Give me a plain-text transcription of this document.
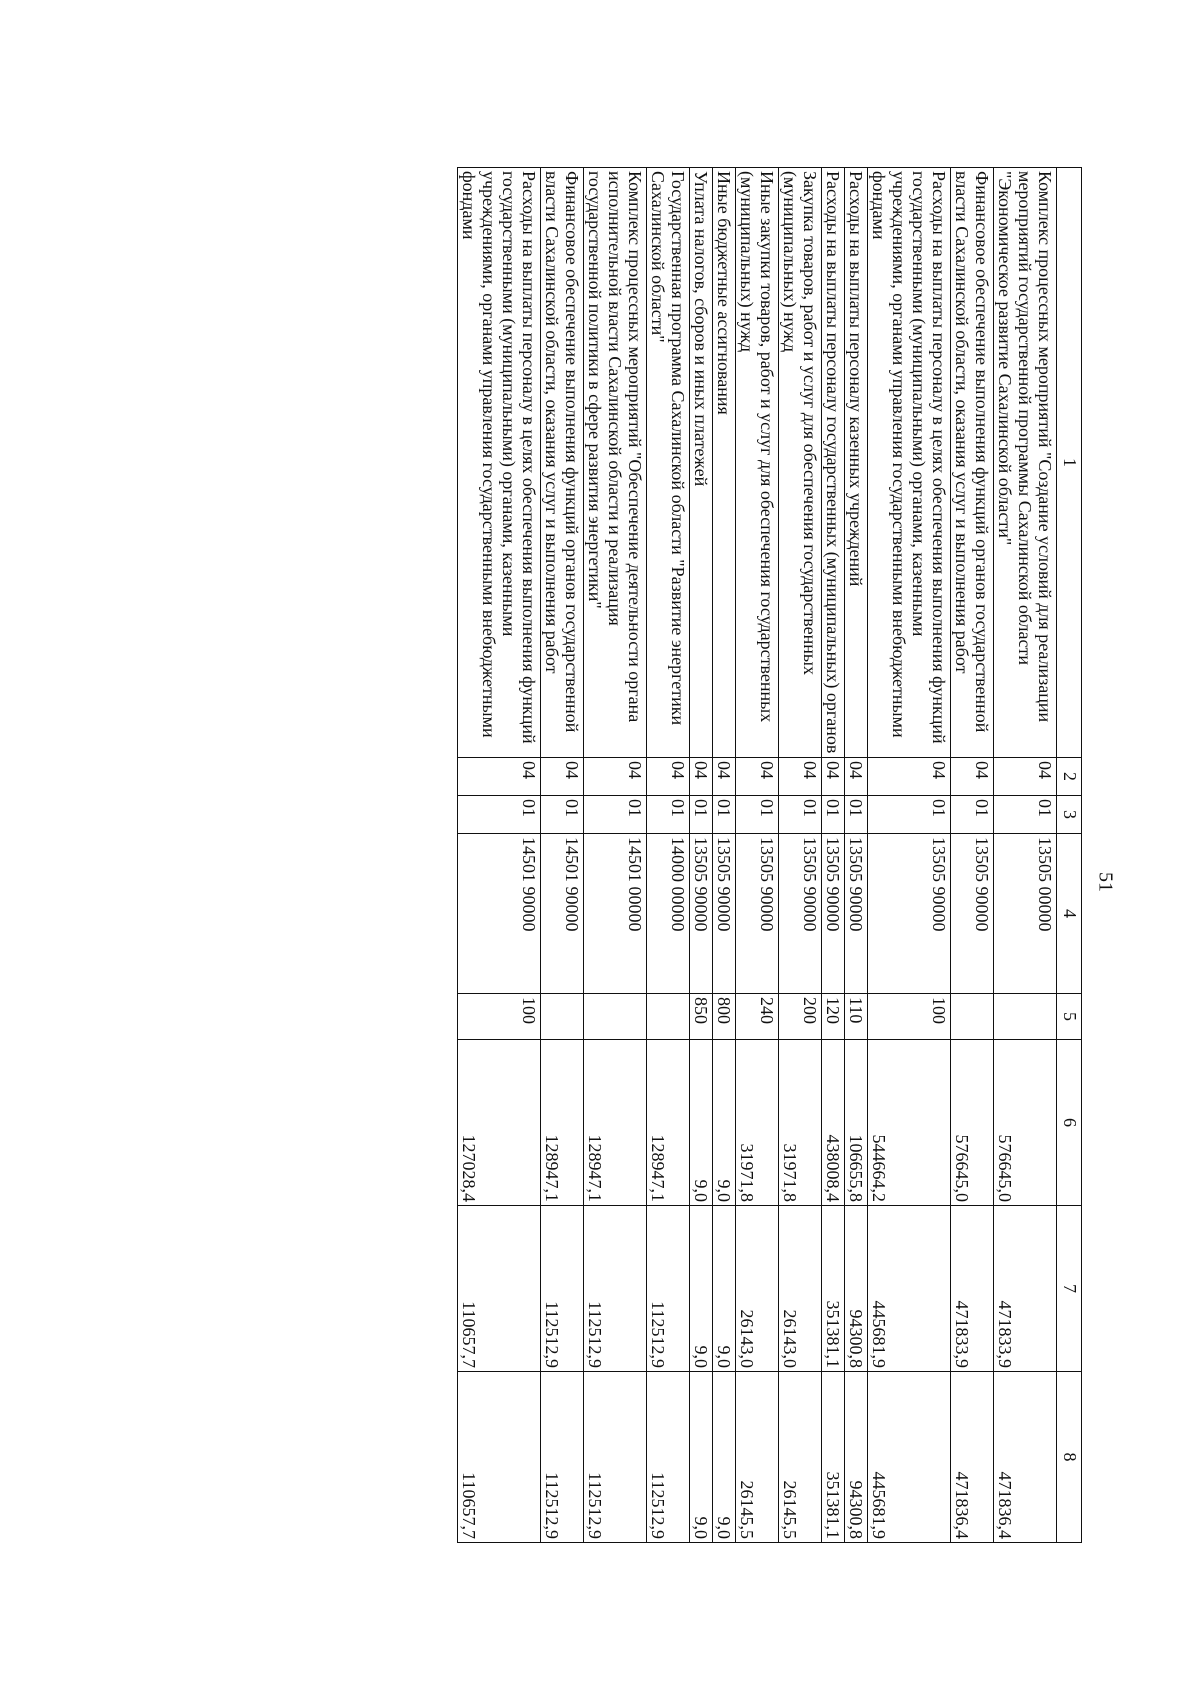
51
1	2	3	4	5	6	7	8
Комплекс процессных мероприятий "Создание условий для реализации мероприятий государственной программы Сахалинской области "Экономическое развитие Сахалинской области"	04	01	13505 00000		576645,0	471833,9	471836,4
Финансовое обеспечение выполнения функций органов государственной власти Сахалинской области, оказания услуг и выполнения работ	04	01	13505 90000		576645,0	471833,9	471836,4
Расходы на выплаты персоналу в целях обеспечения выполнения функций государственными (муниципальными) органами, казенными учреждениями, органами управления государственными внебюджетными фондами	04	01	13505 90000	100	544664,2	445681,9	445681,9
Расходы на выплаты персоналу казенных учреждений	04	01	13505 90000	110	106655,8	94300,8	94300,8
Расходы на выплаты персоналу государственных (муниципальных) органов	04	01	13505 90000	120	438008,4	351381,1	351381,1
Закупка товаров, работ и услуг для обеспечения государственных (муниципальных) нужд	04	01	13505 90000	200	31971,8	26143,0	26145,5
Иные закупки товаров, работ и услуг для обеспечения государственных (муниципальных) нужд	04	01	13505 90000	240	31971,8	26143,0	26145,5
Иные бюджетные ассигнования	04	01	13505 90000	800	9,0	9,0	9,0
Уплата налогов, сборов и иных платежей	04	01	13505 90000	850	9,0	9,0	9,0
Государственная программа Сахалинской области "Развитие энергетики Сахалинской области"	04	01	14000 00000		128947,1	112512,9	112512,9
Комплекс процессных мероприятий "Обеспечение деятельности органа исполнительной власти Сахалинской области и реализация государственной политики в сфере развития энергетики"	04	01	14501 00000		128947,1	112512,9	112512,9
Финансовое обеспечение выполнения функций органов государственной власти Сахалинской области, оказания услуг и выполнения работ	04	01	14501 90000		128947,1	112512,9	112512,9
Расходы на выплаты персоналу в целях обеспечения выполнения функций государственными (муниципальными) органами, казенными учреждениями, органами управления государственными внебюджетными фондами	04	01	14501 90000	100	127028,4	110657,7	110657,7
